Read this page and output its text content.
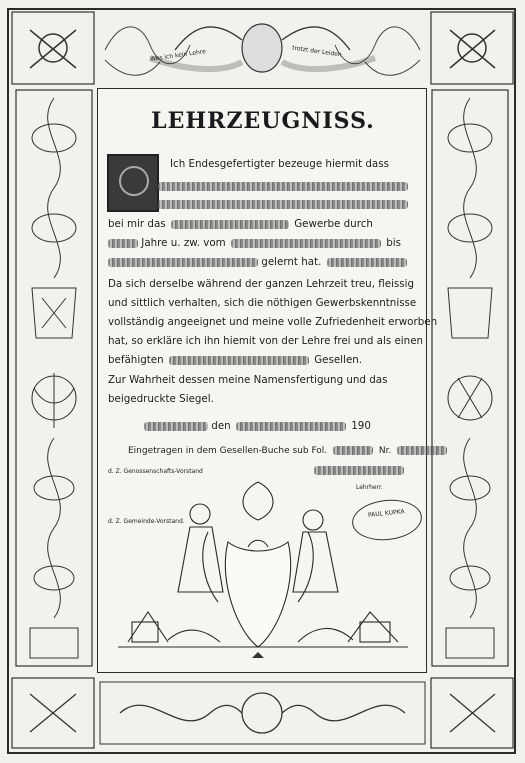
Wes ich kein Lehre	trotzt der Leiden
LEHRZEUGNISS.
Ich Endesgefertigter bezeuge hiermit dass
bei mir das	Gewerbe durch
Jahre u. zw. vom	bis
gelernt hat.
Da sich derselbe während der ganzen Lehrzeit treu, fleissig
und sittlich verhalten, sich die nöthigen Gewerbskenntnisse
vollständig angeeignet und meine volle Zufriedenheit erworben
hat, so erkläre ich ihn hiemit von der Lehre frei und als einen
befähigten	Gesellen.
Zur Wahrheit dessen meine Namensfertigung und das
beigedruckte Siegel.
den	190
Eingetragen in dem Gesellen-Buche sub Fol.	Nr.
d. Z. Genossenschafts-Vorstand
Lehrherr.
d. Z. Gemeinde-Vorstand.
PAUL KUPKA
